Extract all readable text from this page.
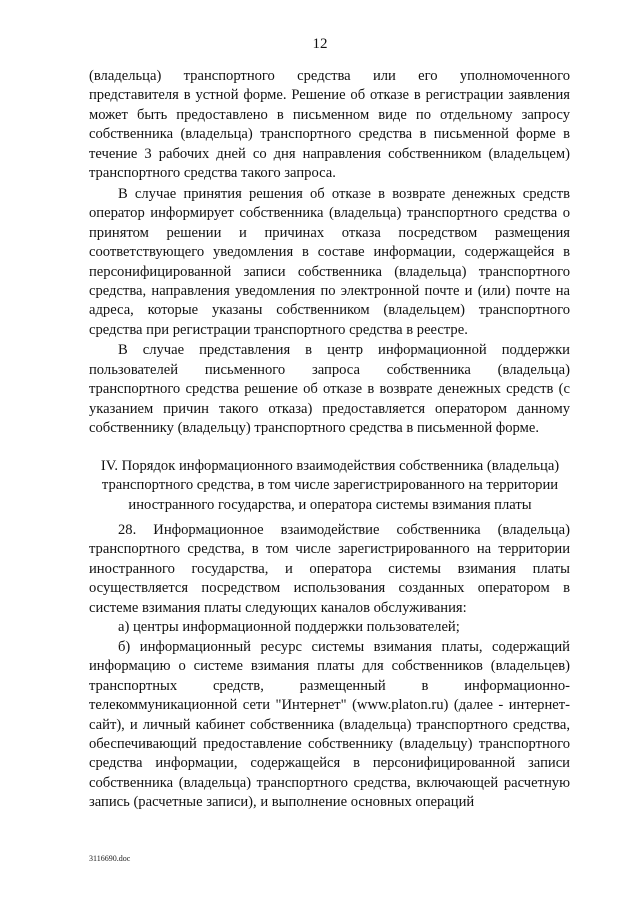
12

(владельца) транспортного средства или его уполномоченного представителя в устной форме. Решение об отказе в регистрации заявления может быть предоставлено в письменном виде по отдельному запросу собственника (владельца) транспортного средства в письменной форме в течение 3 рабочих дней со дня направления собственником (владельцем) транспортного средства такого запроса.

В случае принятия решения об отказе в возврате денежных средств оператор информирует собственника (владельца) транспортного средства о принятом решении и причинах отказа посредством размещения соответствующего уведомления в составе информации, содержащейся в персонифицированной записи собственника (владельца) транспортного средства, направления уведомления по электронной почте и (или) почте на адреса, которые указаны собственником (владельцем) транспортного средства при регистрации транспортного средства в реестре.

В случае представления в центр информационной поддержки пользователей письменного запроса собственника (владельца) транспортного средства решение об отказе в возврате денежных средств (с указанием причин такого отказа) предоставляется оператором данному собственнику (владельцу) транспортного средства в письменной форме.

IV. Порядок информационного взаимодействия собственника (владельца) транспортного средства, в том числе зарегистрированного на территории иностранного государства, и оператора системы взимания платы

28. Информационное взаимодействие собственника (владельца) транспортного средства, в том числе зарегистрированного на территории иностранного государства, и оператора системы взимания платы осуществляется посредством использования созданных оператором в системе взимания платы следующих каналов обслуживания:

а) центры информационной поддержки пользователей;

б) информационный ресурс системы взимания платы, содержащий информацию о системе взимания платы для собственников (владельцев) транспортных средств, размещенный в информационно-телекоммуникационной сети "Интернет" (www.platon.ru) (далее - интернет-сайт), и личный кабинет собственника (владельца) транспортного средства, обеспечивающий предоставление собственнику (владельцу) транспортного средства информации, содержащейся в персонифицированной записи собственника (владельца) транспортного средства, включающей расчетную запись (расчетные записи), и выполнение основных операций

3116690.doc
